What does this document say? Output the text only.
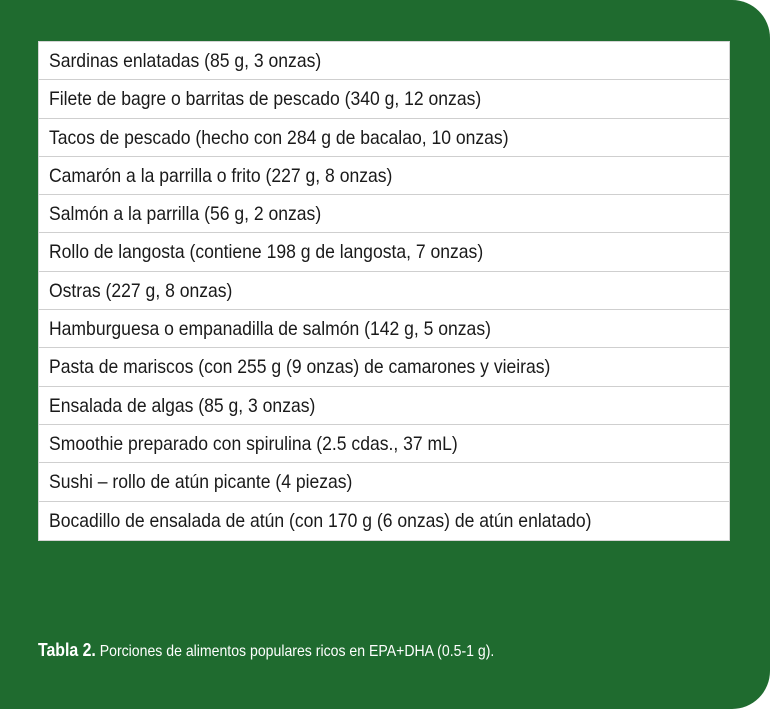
Sardinas enlatadas (85 g, 3 onzas)
Filete de bagre o barritas de pescado (340 g, 12 onzas)
Tacos de pescado (hecho con 284 g de bacalao, 10 onzas)
Camarón a la parrilla o frito (227 g, 8 onzas)
Salmón a la parrilla (56 g, 2 onzas)
Rollo de langosta (contiene 198 g de langosta, 7 onzas)
Ostras (227 g, 8 onzas)
Hamburguesa o empanadilla de salmón (142 g, 5 onzas)
Pasta de mariscos (con 255 g (9 onzas) de camarones y vieiras)
Ensalada de algas (85 g, 3 onzas)
Smoothie preparado con spirulina (2.5 cdas., 37 mL)
Sushi – rollo de atún picante (4 piezas)
Bocadillo de ensalada de atún (con 170 g (6 onzas) de atún enlatado)
Tabla 2. Porciones de alimentos populares ricos en EPA+DHA (0.5-1 g).
